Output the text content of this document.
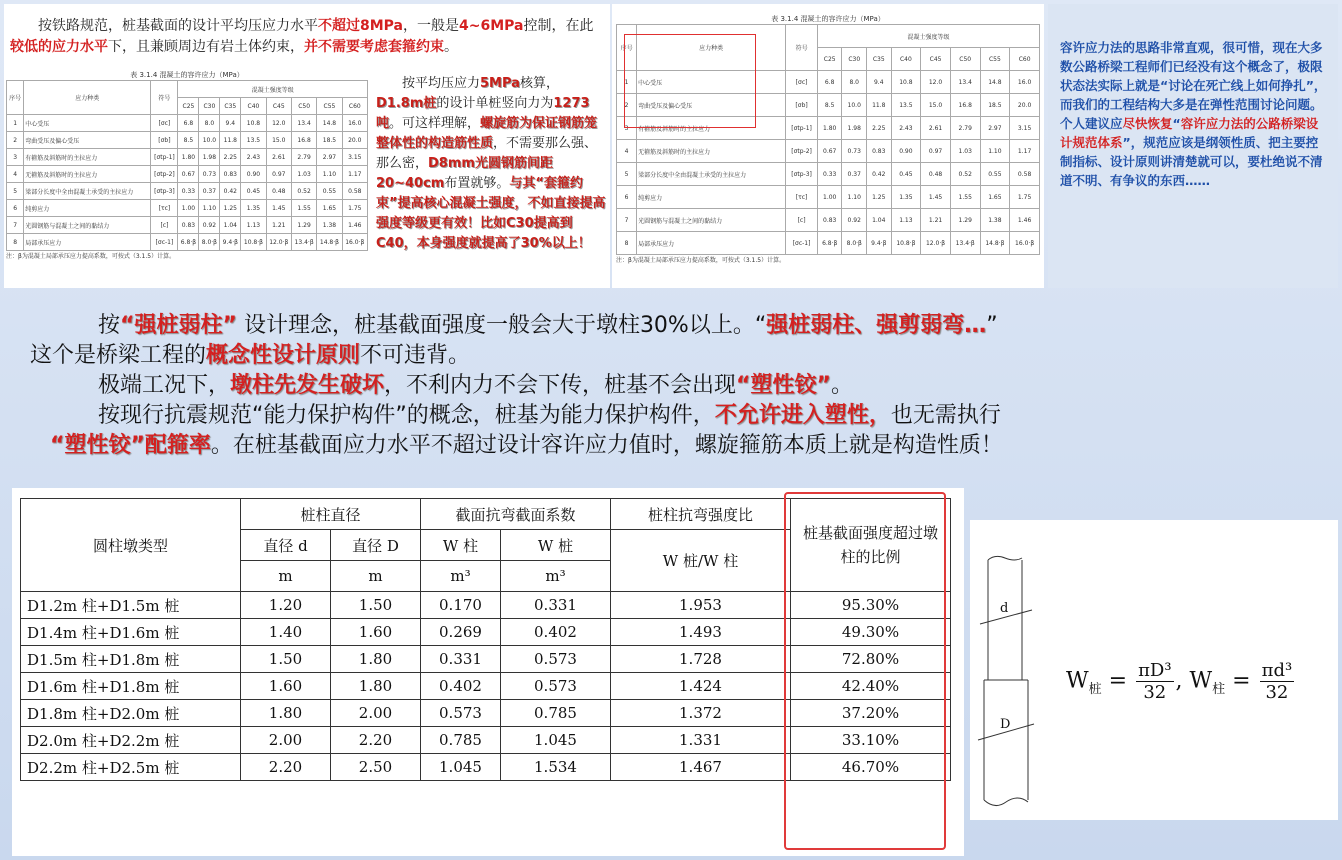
按铁路规范，桩基截面的设计平均压应力水平不超过8MPa，一般是4~6MPa控制，在此较低的应力水平下，且兼顾周边有岩土体约束，并不需要考虑套箍约束。
表 3.1.4 混凝土的容许应力（MPa）
序号	应力种类	符号	混凝土强度等级							
			C25	C30	C35	C40	C45	C50	C55	C60
1	中心受压	[σc]	6.8	8.0	9.4	10.8	12.0	13.4	14.8	16.0
2	弯曲受压及偏心受压	[σb]	8.5	10.0	11.8	13.5	15.0	16.8	18.5	20.0
3	有箍筋及斜筋时的主拉应力	[σtp-1]	1.80	1.98	2.25	2.43	2.61	2.79	2.97	3.15
4	无箍筋及斜筋时的主拉应力	[σtp-2]	0.67	0.73	0.83	0.90	0.97	1.03	1.10	1.17
5	梁部分长度中全由混凝土承受的主拉应力	[σtp-3]	0.33	0.37	0.42	0.45	0.48	0.52	0.55	0.58
6	纯剪应力	[τc]	1.00	1.10	1.25	1.35	1.45	1.55	1.65	1.75
7	光圆钢筋与混凝土之间的黏结力	[c]	0.83	0.92	1.04	1.13	1.21	1.29	1.38	1.46
8	局部承压应力	[σc-1]	6.8·β	8.0·β	9.4·β	10.8·β	12.0·β	13.4·β	14.8·β	16.0·β
注：β为混凝土局部承压应力提高系数，可按式（3.1.5）计算。
按平均压应力5MPa核算，D1.8m桩的设计单桩竖向力为1273吨。可这样理解，螺旋筋为保证钢筋笼整体性的构造筋性质，不需要那么强、那么密，D8mm光圆钢筋间距20~40cm布置就够。与其“套箍约束”提高核心混凝土强度，不如直接提高强度等级更有效！比如C30提高到C40，本身强度就提高了30%以上！
表 3.1.4 混凝土的容许应力（MPa）
序号	应力种类	符号	混凝土强度等级							
			C25	C30	C35	C40	C45	C50	C55	C60
1	中心受压	[σc]	6.8	8.0	9.4	10.8	12.0	13.4	14.8	16.0
2	弯曲受压及偏心受压	[σb]	8.5	10.0	11.8	13.5	15.0	16.8	18.5	20.0
3	有箍筋及斜筋时的主拉应力	[σtp-1]	1.80	1.98	2.25	2.43	2.61	2.79	2.97	3.15
4	无箍筋及斜筋时的主拉应力	[σtp-2]	0.67	0.73	0.83	0.90	0.97	1.03	1.10	1.17
5	梁部分长度中全由混凝土承受的主拉应力	[σtp-3]	0.33	0.37	0.42	0.45	0.48	0.52	0.55	0.58
6	纯剪应力	[τc]	1.00	1.10	1.25	1.35	1.45	1.55	1.65	1.75
7	光圆钢筋与混凝土之间的黏结力	[c]	0.83	0.92	1.04	1.13	1.21	1.29	1.38	1.46
8	局部承压应力	[σc-1]	6.8·β	8.0·β	9.4·β	10.8·β	12.0·β	13.4·β	14.8·β	16.0·β
注：β为混凝土局部承压应力提高系数，可按式（3.1.5）计算。
容许应力法的思路非常直观，很可惜，现在大多数公路桥梁工程师们已经没有这个概念了，极限状态法实际上就是“讨论在死亡线上如何挣扎”，而我们的工程结构大多是在弹性范围讨论问题。个人建议应尽快恢复“容许应力法的公路桥梁设计规范体系”，规范应该是纲领性质、把主要控制指标、设计原则讲清楚就可以，要杜绝说不清道不明、有争议的东西……
按“强桩弱柱” 设计理念，桩基截面强度一般会大于墩柱30%以上。“强桩弱柱、强剪弱弯…”
这个是桥梁工程的概念性设计原则不可违背。
极端工况下，墩柱先发生破坏，不利内力不会下传，桩基不会出现“塑性铰”。
按现行抗震规范“能力保护构件”的概念，桩基为能力保护构件，不允许进入塑性，也无需执行
“塑性铰”配箍率。在桩基截面应力水平不超过设计容许应力值时，螺旋箍筋本质上就是构造性质！
圆柱墩类型	桩柱直径		截面抗弯截面系数		桩柱抗弯强度比	桩基截面强度超过墩柱的比例
	直径 d	直径 D	W 柱	W 桩	W 桩/W 柱	
	m	m	m³	m³		
D1.2m 柱+D1.5m 桩	1.20	1.50	0.170	0.331	1.953	95.30%
D1.4m 柱+D1.6m 桩	1.40	1.60	0.269	0.402	1.493	49.30%
D1.5m 柱+D1.8m 桩	1.50	1.80	0.331	0.573	1.728	72.80%
D1.6m 柱+D1.8m 桩	1.60	1.80	0.402	0.573	1.424	42.40%
D1.8m 柱+D2.0m 桩	1.80	2.00	0.573	0.785	1.372	37.20%
D2.0m 柱+D2.2m 桩	2.00	2.20	0.785	1.045	1.331	33.10%
D2.2m 柱+D2.5m 桩	2.20	2.50	1.045	1.534	1.467	46.70%
d
D
$W_桩 = \frac{\text{πD³}}{32}$ , $W_柱 = \frac{\text{πd³}}{32}$
